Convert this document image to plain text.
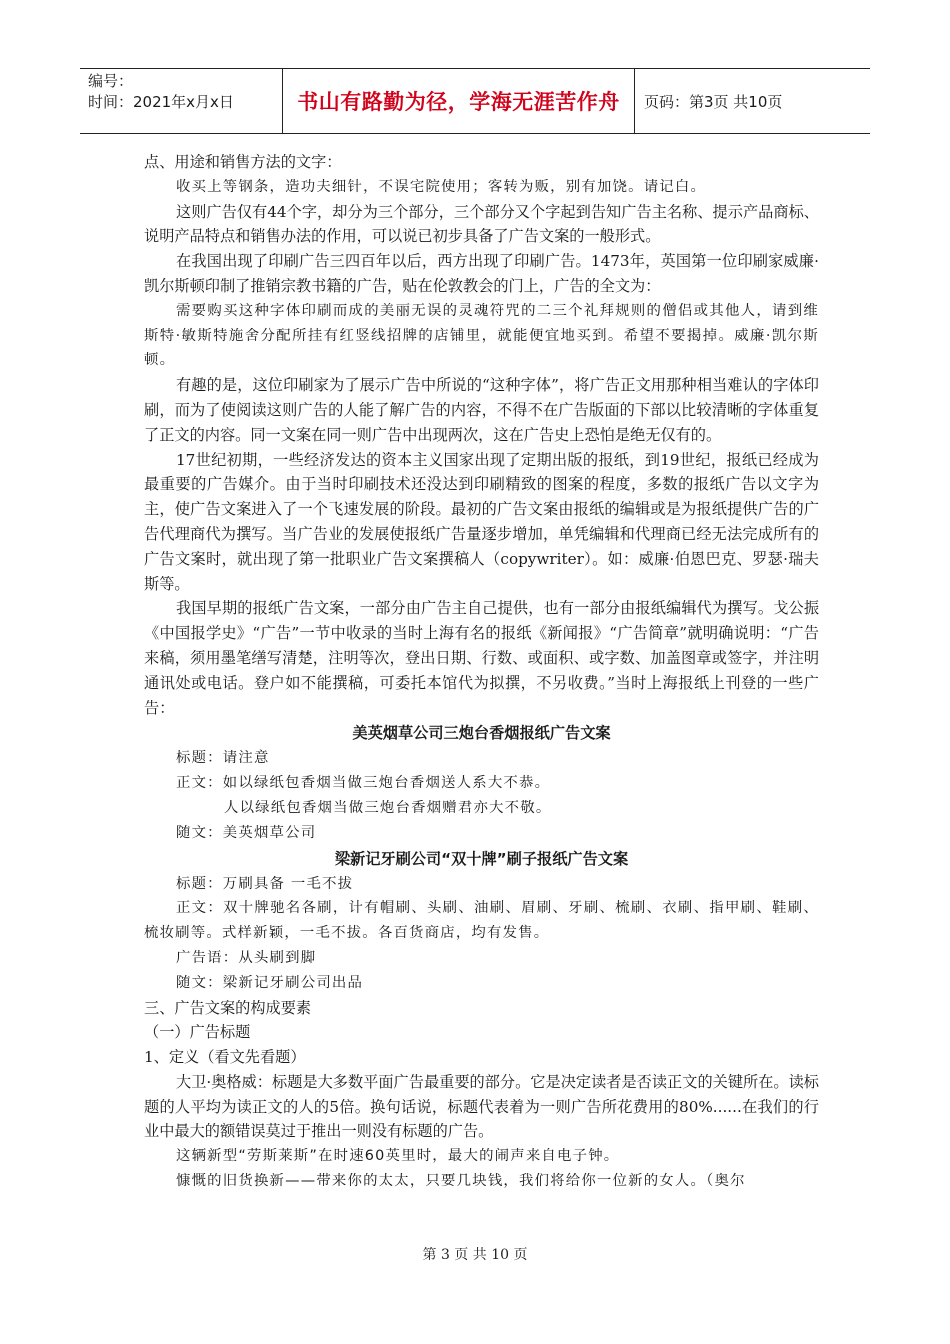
编号：
时间：2021年x月x日	书山有路勤为径，学海无涯苦作舟	页码：第3页 共10页

点、用途和销售方法的文字：

收买上等钢条，造功夫细针，不误宅院使用；客转为贩，别有加饶。请记白。

这则广告仅有44个字，却分为三个部分，三个部分又个字起到告知广告主名称、提示产品商标、说明产品特点和销售办法的作用，可以说已初步具备了广告文案的一般形式。

在我国出现了印刷广告三四百年以后，西方出现了印刷广告。1473年，英国第一位印刷家威廉·凯尔斯顿印制了推销宗教书籍的广告，贴在伦敦教会的门上，广告的全文为：

需要购买这种字体印刷而成的美丽无误的灵魂符咒的二三个礼拜规则的僧侣或其他人，请到维斯特·敏斯特施舍分配所挂有红竖线招牌的店铺里，就能便宜地买到。希望不要揭掉。威廉·凯尔斯顿。

有趣的是，这位印刷家为了展示广告中所说的“这种字体”，将广告正文用那种相当难认的字体印刷，而为了使阅读这则广告的人能了解广告的内容，不得不在广告版面的下部以比较清晰的字体重复了正文的内容。同一文案在同一则广告中出现两次，这在广告史上恐怕是绝无仅有的。

17世纪初期，一些经济发达的资本主义国家出现了定期出版的报纸，到19世纪，报纸已经成为最重要的广告媒介。由于当时印刷技术还没达到印刷精致的图案的程度，多数的报纸广告以文字为主，使广告文案进入了一个飞速发展的阶段。最初的广告文案由报纸的编辑或是为报纸提供广告的广告代理商代为撰写。当广告业的发展使报纸广告量逐步增加，单凭编辑和代理商已经无法完成所有的广告文案时，就出现了第一批职业广告文案撰稿人（copywriter）。如：威廉·伯恩巴克、罗瑟·瑞夫斯等。

我国早期的报纸广告文案，一部分由广告主自己提供，也有一部分由报纸编辑代为撰写。戈公振《中国报学史》“广告”一节中收录的当时上海有名的报纸《新闻报》“广告简章”就明确说明：“广告来稿，须用墨笔缮写清楚，注明等次，登出日期、行数、或面积、或字数、加盖图章或签字，并注明通讯处或电话。登户如不能撰稿，可委托本馆代为拟撰，不另收费。”当时上海报纸上刊登的一些广告：

美英烟草公司三炮台香烟报纸广告文案

标题：请注意

正文：如以绿纸包香烟当做三炮台香烟送人系大不恭。

人以绿纸包香烟当做三炮台香烟赠君亦大不敬。

随文：美英烟草公司

梁新记牙刷公司“双十牌”刷子报纸广告文案

标题：万刷具备 一毛不拔

正文：双十牌驰名各刷，计有帽刷、头刷、油刷、眉刷、牙刷、梳刷、衣刷、指甲刷、鞋刷、梳妆刷等。式样新颖，一毛不拔。各百货商店，均有发售。

广告语：从头刷到脚

随文：梁新记牙刷公司出品

三、广告文案的构成要素

（一）广告标题

1、定义（看文先看题）

大卫·奥格威：标题是大多数平面广告最重要的部分。它是决定读者是否读正文的关键所在。读标题的人平均为读正文的人的5倍。换句话说，标题代表着为一则广告所花费用的80%......在我们的行业中最大的额错误莫过于推出一则没有标题的广告。

这辆新型“劳斯莱斯”在时速60英里时，最大的闹声来自电子钟。

慷慨的旧货换新——带来你的太太，只要几块钱，我们将给你一位新的女人。（奥尔

第 3 页 共 10 页
